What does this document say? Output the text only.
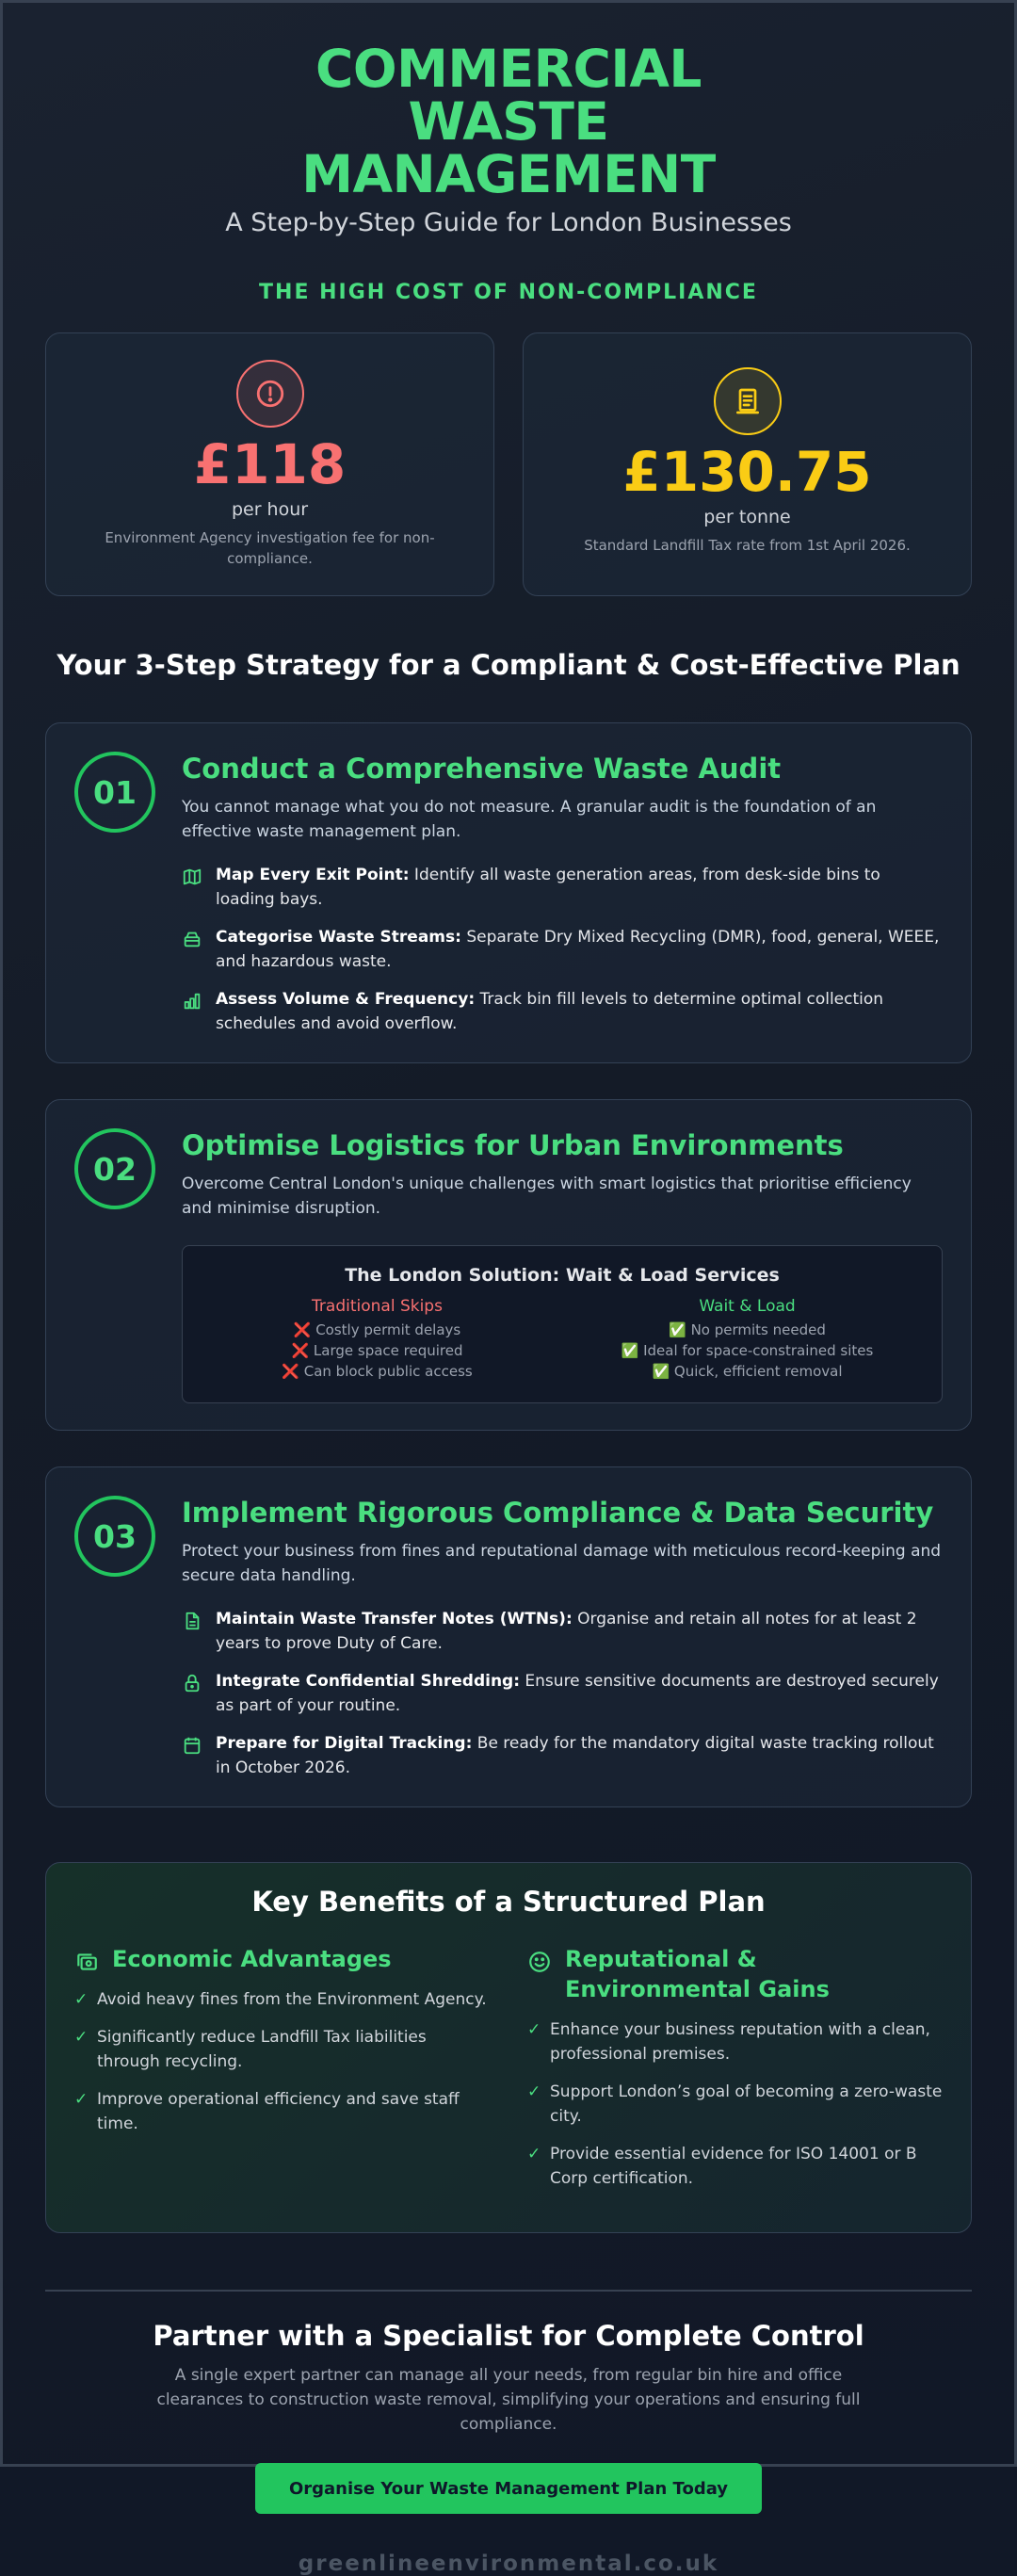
COMMERCIAL WASTE MANAGEMENT
A Step-by-Step Guide for London Businesses
THE HIGH COST OF NON-COMPLIANCE
£118
per hour
Environment Agency investigation fee for non-compliance.
£130.75
per tonne
Standard Landfill Tax rate from 1st April 2026.
Your 3-Step Strategy for a Compliant & Cost-Effective Plan
01
Conduct a Comprehensive Waste Audit
You cannot manage what you do not measure. A granular audit is the foundation of an effective waste management plan.
Map Every Exit Point: Identify all waste generation areas, from desk-side bins to loading bays.
Categorise Waste Streams: Separate Dry Mixed Recycling (DMR), food, general, WEEE, and hazardous waste.
Assess Volume & Frequency: Track bin fill levels to determine optimal collection schedules and avoid overflow.
02
Optimise Logistics for Urban Environments
Overcome Central London's unique challenges with smart logistics that prioritise efficiency and minimise disruption.
The London Solution: Wait & Load Services
Traditional Skips
❌ Costly permit delays
❌ Large space required
❌ Can block public access
Wait & Load
✅ No permits needed
✅ Ideal for space-constrained sites
✅ Quick, efficient removal
03
Implement Rigorous Compliance & Data Security
Protect your business from fines and reputational damage with meticulous record-keeping and secure data handling.
Maintain Waste Transfer Notes (WTNs): Organise and retain all notes for at least 2 years to prove Duty of Care.
Integrate Confidential Shredding: Ensure sensitive documents are destroyed securely as part of your routine.
Prepare for Digital Tracking: Be ready for the mandatory digital waste tracking rollout in October 2026.
Key Benefits of a Structured Plan
Economic Advantages
✓ Avoid heavy fines from the Environment Agency.
✓ Significantly reduce Landfill Tax liabilities through recycling.
✓ Improve operational efficiency and save staff time.
Reputational & Environmental Gains
✓ Enhance your business reputation with a clean, professional premises.
✓ Support London’s goal of becoming a zero-waste city.
✓ Provide essential evidence for ISO 14001 or B Corp certification.
Partner with a Specialist for Complete Control

A single expert partner can manage all your needs, from regular bin hire and office clearances to construction waste removal, simplifying your operations and ensuring full compliance.

Organise Your Waste Management Plan Today
greenlineenvironmental.co.uk
